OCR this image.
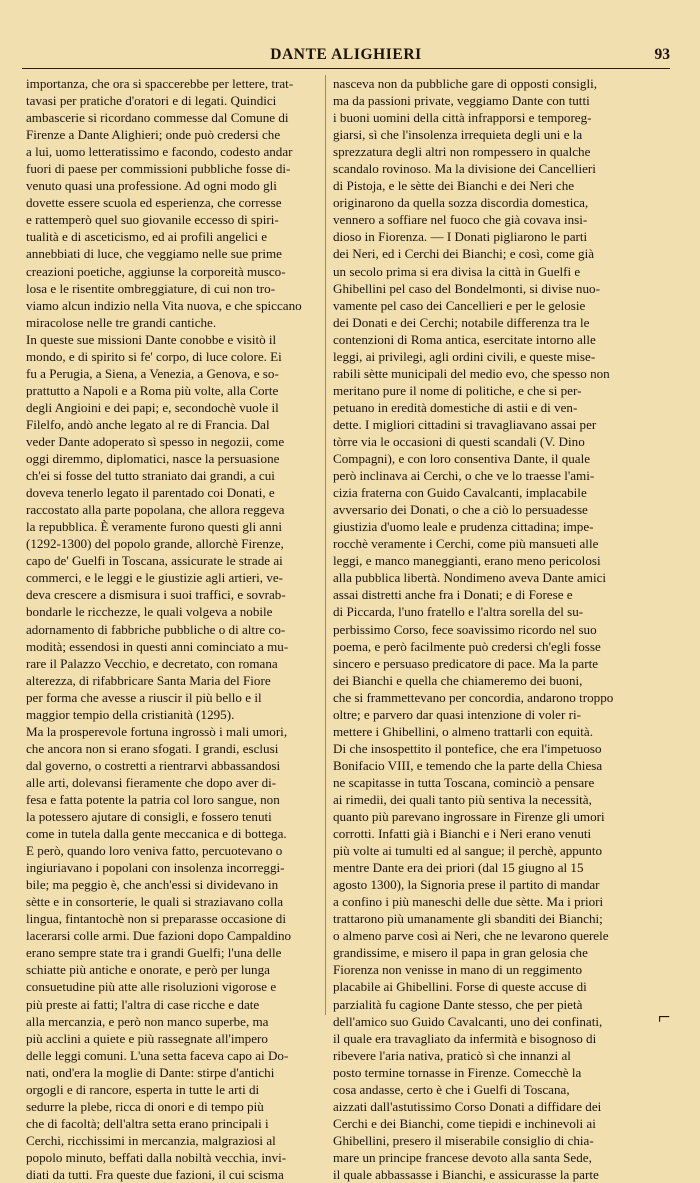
DANTE ALIGHIERI	93
importanza, che ora si spaccerebbe per lettere, trat-
tavasi per pratiche d'oratori e di legati. Quindici
ambascerie si ricordano commesse dal Comune di
Firenze a Dante Alighieri; onde può credersi che
a lui, uomo letteratissimo e facondo, codesto andar
fuori di paese per commissioni pubbliche fosse di-
venuto quasi una professione. Ad ogni modo gli
dovette essere scuola ed esperienza, che corresse
e rattemperò quel suo giovanile eccesso di spiri-
tualità e di asceticismo, ed ai profili angelici e
annebbiati di luce, che veggiamo nelle sue prime
creazioni poetiche, aggiunse la corporeità musco-
losa e le risentite ombreggiature, di cui non tro-
viamo alcun indizio nella Vita nuova, e che spiccano
miracolose nelle tre grandi cantiche.
In queste sue missioni Dante conobbe e visitò il
mondo, e di spirito si fe' corpo, di luce colore. Ei
fu a Perugia, a Siena, a Venezia, a Genova, e so-
prattutto a Napoli e a Roma più volte, alla Corte
degli Angioini e dei papi; e, secondochè vuole il
Filelfo, andò anche legato al re di Francia. Dal
veder Dante adoperato sì spesso in negozii, come
oggi diremmo, diplomatici, nasce la persuasione
ch'ei si fosse del tutto straniato dai grandi, a cui
doveva tenerlo legato il parentado coi Donati, e
raccostato alla parte popolana, che allora reggeva
la repubblica. È veramente furono questi gli anni
(1292-1300) del popolo grande, allorchè Firenze,
capo de' Guelfi in Toscana, assicurate le strade ai
commerci, e le leggi e le giustizie agli artieri, ve-
deva crescere a dismisura i suoi traffici, e sovrab-
bondarle le ricchezze, le quali volgeva a nobile
adornamento di fabbriche pubbliche o di altre co-
modità; essendosi in questi anni cominciato a mu-
rare il Palazzo Vecchio, e decretato, con romana
alterezza, di rifabbricare Santa Maria del Fiore
per forma che avesse a riuscir il più bello e il
maggior tempio della cristianità (1295).
Ma la prosperevole fortuna ingrossò i mali umori,
che ancora non si erano sfogati. I grandi, esclusi
dal governo, o costretti a rientrarvi abbassandosi
alle arti, dolevansi fieramente che dopo aver di-
fesa e fatta potente la patria col loro sangue, non
la potessero ajutare di consigli, e fossero tenuti
come in tutela dalla gente meccanica e di bottega.
E però, quando loro veniva fatto, percuotevano o
ingiuriavano i popolani con insolenza incorreggi-
bile; ma peggio è, che anch'essi si dividevano in
sètte e in consorterie, le quali si straziavano colla
lingua, fintantochè non si preparasse occasione di
lacerarsi colle armi. Due fazioni dopo Campaldino
erano sempre state tra i grandi Guelfi; l'una delle
schiatte più antiche e onorate, e però per lunga
consuetudine più atte alle risoluzioni vigorose e
più preste ai fatti; l'altra di case ricche e date
alla mercanzia, e però non manco superbe, ma
più acclini a quiete e più rassegnate all'impero
delle leggi comuni. L'una setta faceva capo ai Do-
nati, ond'era la moglie di Dante: stirpe d'antichi
orgogli e di rancore, esperta in tutte le arti di
sedurre la plebe, ricca di onori e di tempo più
che di facoltà; dell'altra setta erano principali i
Cerchi, ricchissimi in mercanzia, malgraziosi al
popolo minuto, beffati dalla nobiltà vecchia, invi-
diati da tutti. Fra queste due fazioni, il cui scisma
nasceva non da pubbliche gare di opposti consigli,
ma da passioni private, veggiamo Dante con tutti
i buoni uomini della città infrapporsi e temporeg-
giarsi, sì che l'insolenza irrequieta degli uni e la
sprezzatura degli altri non rompessero in qualche
scandalo rovinoso. Ma la divisione dei Cancellieri
di Pistoja, e le sètte dei Bianchi e dei Neri che
originarono da quella sozza discordia domestica,
vennero a soffiare nel fuoco che già covava insi-
dioso in Fiorenza. — I Donati pigliarono le parti
dei Neri, ed i Cerchi dei Bianchi; e così, come già
un secolo prima si era divisa la città in Guelfi e
Ghibellini pel caso del Bondelmonti, si divise nuo-
vamente pel caso dei Cancellieri e per le gelosie
dei Donati e dei Cerchi; notabile differenza tra le
contenzioni di Roma antica, esercitate intorno alle
leggi, ai privilegi, agli ordini civili, e queste mise-
rabili sètte municipali del medio evo, che spesso non
meritano pure il nome di politiche, e che si per-
petuano in eredità domestiche di astii e di ven-
dette. I migliori cittadini si travagliavano assai per
tòrre via le occasioni di questi scandali (V. Dino
Compagni), e con loro consentiva Dante, il quale
però inclinava ai Cerchi, o che ve lo traesse l'ami-
cizia fraterna con Guido Cavalcanti, implacabile
avversario dei Donati, o che a ciò lo persuadesse
giustizia d'uomo leale e prudenza cittadina; impe-
rocchè veramente i Cerchi, come più mansueti alle
leggi, e manco maneggianti, erano meno pericolosi
alla pubblica libertà. Nondimeno aveva Dante amici
assai distretti anche fra i Donati; e di Forese e
di Piccarda, l'uno fratello e l'altra sorella del su-
perbissimo Corso, fece soavissimo ricordo nel suo
poema, e però facilmente può credersi ch'egli fosse
sincero e persuaso predicatore di pace. Ma la parte
dei Bianchi e quella che chiameremo dei buoni,
che si frammettevano per concordia, andarono troppo
oltre; e parvero dar quasi intenzione di voler ri-
mettere i Ghibellini, o almeno trattarli con equità.
Di che insospettito il pontefice, che era l'impetuoso
Bonifacio VIII, e temendo che la parte della Chiesa
ne scapitasse in tutta Toscana, cominciò a pensare
ai rimedii, dei quali tanto più sentiva la necessità,
quanto più parevano ingrossare in Firenze gli umori
corrotti. Infatti già i Bianchi e i Neri erano venuti
più volte ai tumulti ed al sangue; il perchè, appunto
mentre Dante era dei priori (dal 15 giugno al 15
agosto 1300), la Signoria prese il partito di mandar
a confino i più maneschi delle due sètte. Ma i priori
trattarono più umanamente gli sbanditi dei Bianchi;
o almeno parve così ai Neri, che ne levarono querele
grandissime, e misero il papa in gran gelosia che
Fiorenza non venisse in mano di un reggimento
placabile ai Ghibellini. Forse di queste accuse di
parzialità fu cagione Dante stesso, che per pietà
dell'amico suo Guido Cavalcanti, uno dei confinati,
il quale era travagliato da infermità e bisognoso di
ribevere l'aria nativa, praticò sì che innanzi al
posto termine tornasse in Firenze. Comecchè la
cosa andasse, certo è che i Guelfi di Toscana,
aizzati dall'astutissimo Corso Donati a diffidare dei
Cerchi e dei Bianchi, come tiepidi e inchinevoli ai
Ghibellini, presero il miserabile consiglio di chia-
mare un principe francese devoto alla santa Sede,
il quale abbassasse i Bianchi, e assicurasse la parte
⌐
